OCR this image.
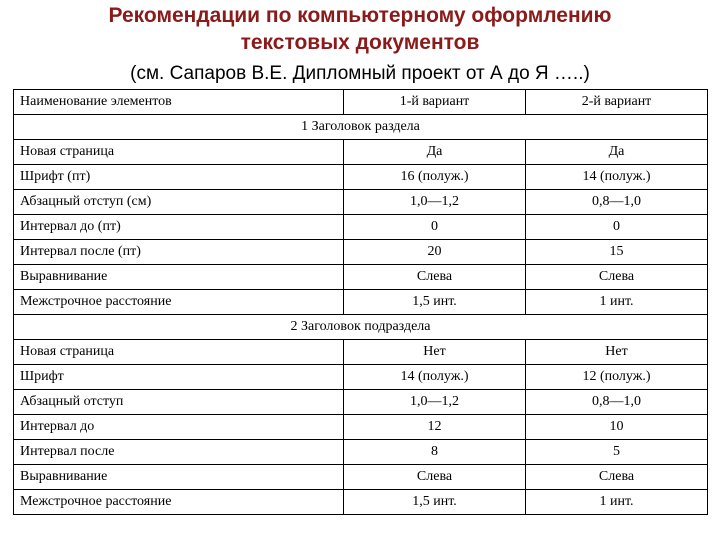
Рекомендации по компьютерному оформлению
текстовых документов
(см. Сапаров В.Е. Дипломный проект от А до Я …..)
Наименование элементов	1-й вариант	2-й вариант
1 Заголовок раздела		
Новая страница	Да	Да
Шрифт (пт)	16 (полуж.)	14 (полуж.)
Абзацный отступ (см)	1,0—1,2	0,8—1,0
Интервал до (пт)	0	0
Интервал после (пт)	20	15
Выравнивание	Слева	Слева
Межстрочное расстояние	1,5 инт.	1 инт.
2 Заголовок подраздела		
Новая страница	Нет	Нет
Шрифт	14 (полуж.)	12 (полуж.)
Абзацный отступ	1,0—1,2	0,8—1,0
Интервал до	12	10
Интервал после	8	5
Выравнивание	Слева	Слева
Межстрочное расстояние	1,5 инт.	1 инт.
